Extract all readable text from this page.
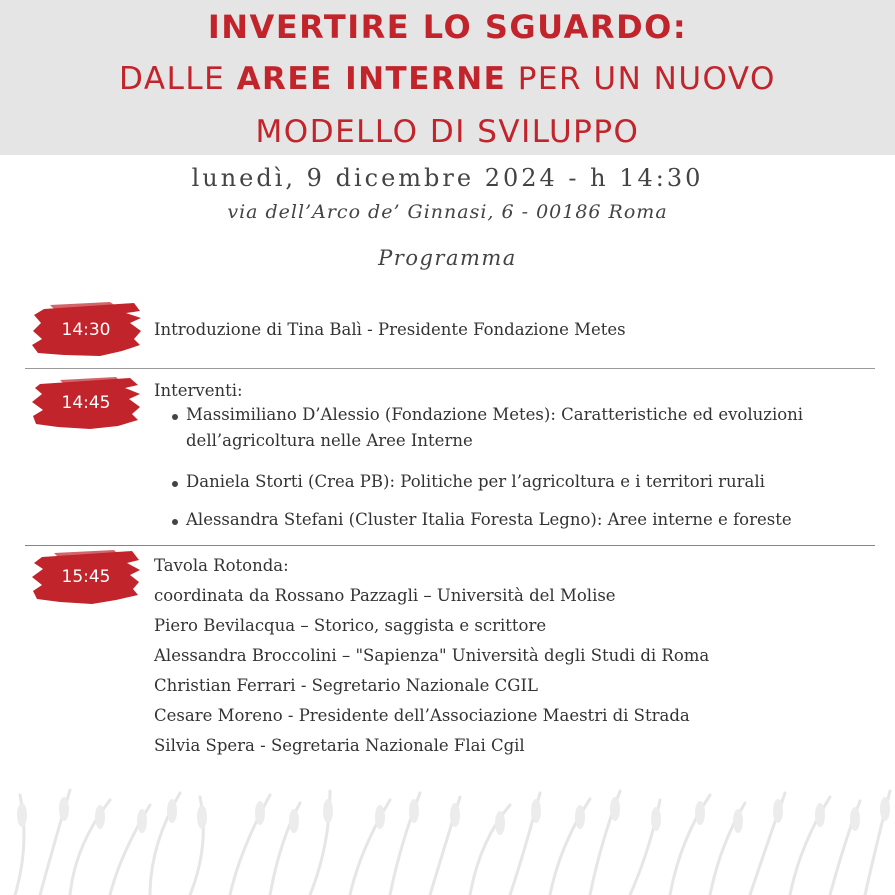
INVERTIRE LO SGUARDO:
DALLE AREE INTERNE PER UN NUOVO
MODELLO DI SVILUPPO
lunedì, 9 dicembre 2024 - h 14:30
via dell’Arco de’ Ginnasi, 6 - 00186 Roma
Programma
14:30	Introduzione di Tina Balì - Presidente Fondazione Metes
14:45
Interventi:
Massimiliano D’Alessio (Fondazione Metes): Caratteristiche ed evoluzioni
dell’agricoltura nelle Aree Interne
Daniela Storti (Crea PB): Politiche per l’agricoltura e i territori rurali
Alessandra Stefani (Cluster Italia Foresta Legno): Aree interne e foreste
15:45
Tavola Rotonda:
coordinata da Rossano Pazzagli – Università del Molise
Piero Bevilacqua – Storico, saggista e scrittore
Alessandra Broccolini – "Sapienza" Università degli Studi di Roma
Christian Ferrari - Segretario Nazionale CGIL
Cesare Moreno - Presidente dell’Associazione Maestri di Strada
Silvia Spera - Segretaria Nazionale Flai Cgil
